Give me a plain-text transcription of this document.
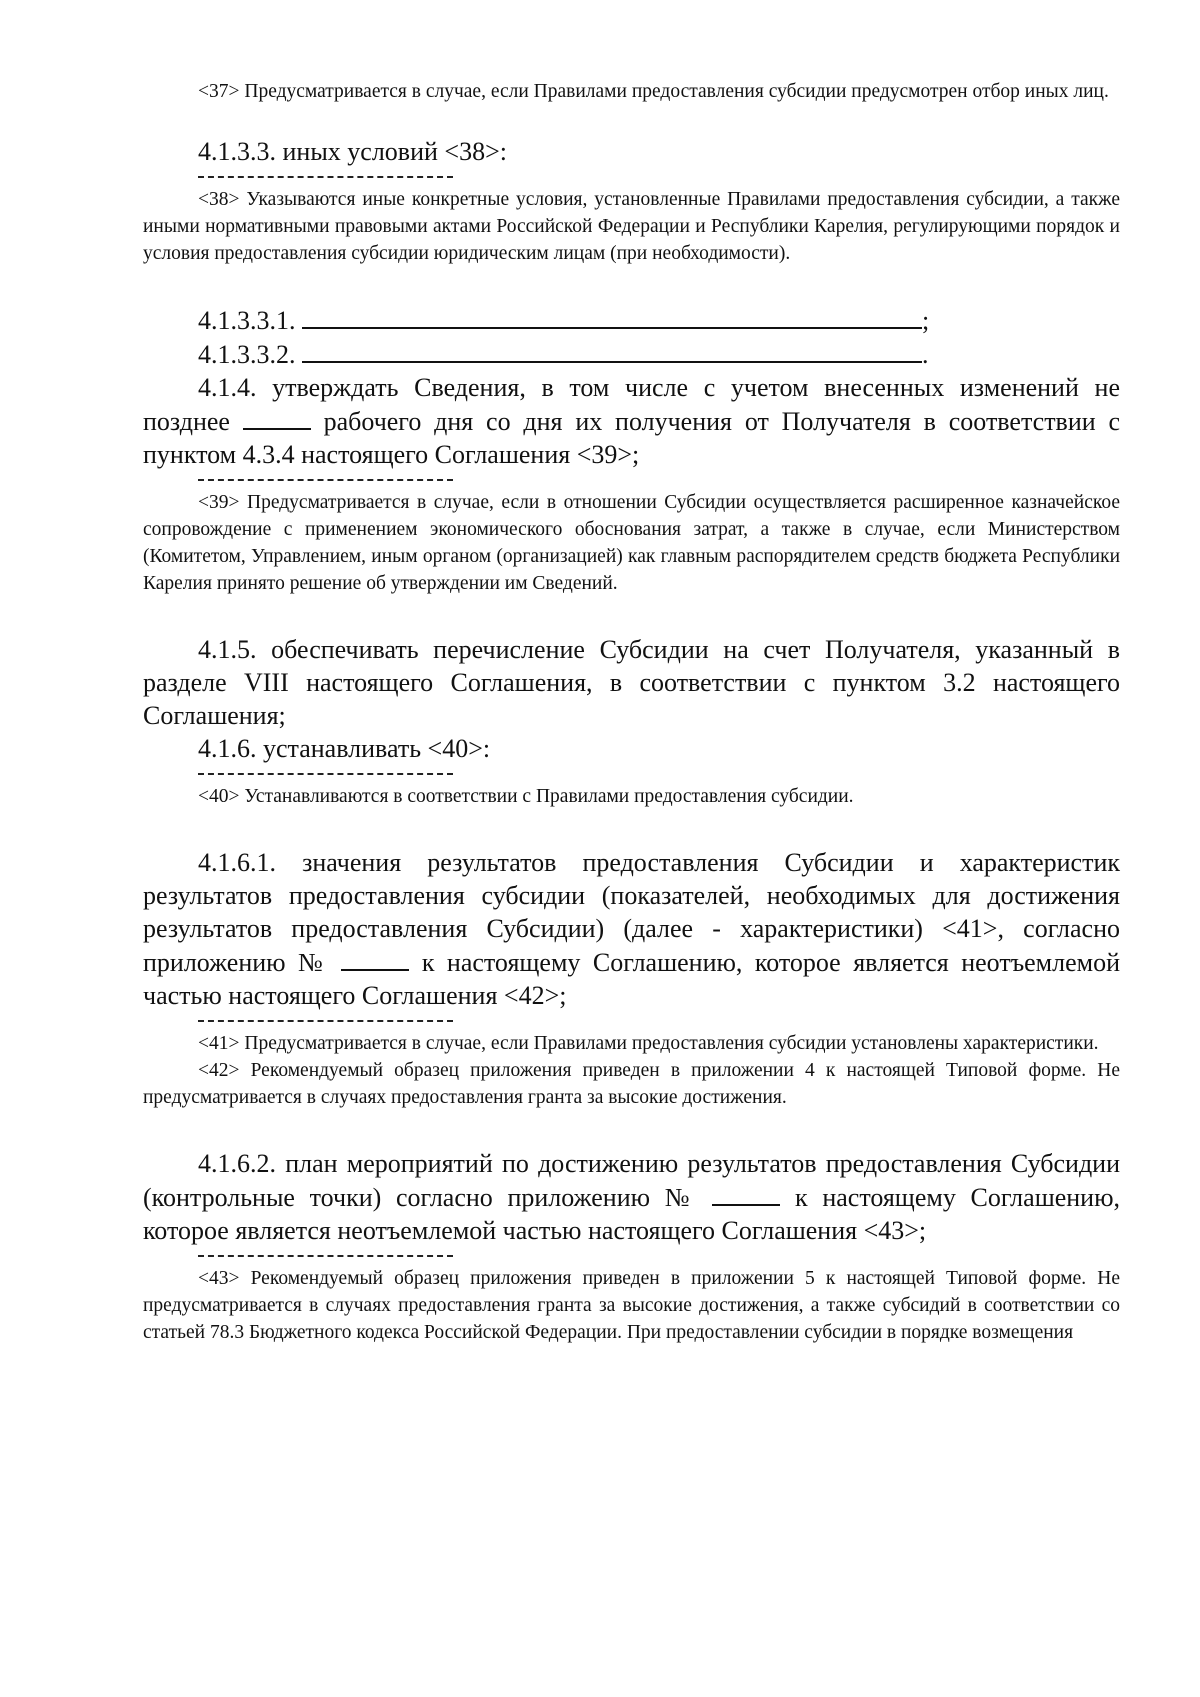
<37> Предусматривается в случае, если Правилами предоставления субсидии предусмотрен отбор иных лиц.

4.1.3.3. иных условий <38>:

<38> Указываются иные конкретные условия, установленные Правилами предоставления субсидии, а также иными нормативными правовыми актами Российской Федерации и Республики Карелия, регулирующими порядок и условия предоставления субсидии юридическим лицам (при необходимости).

4.1.3.3.1.	;
4.1.3.3.2.	.

4.1.4. утверждать Сведения, в том числе с учетом внесенных изменений не позднее	рабочего дня со дня их получения от Получателя в соответствии с пунктом 4.3.4 настоящего Соглашения <39>;

<39> Предусматривается в случае, если в отношении Субсидии осуществляется расширенное казначейское сопровождение с применением экономического обоснования затрат, а также в случае, если Министерством (Комитетом, Управлением, иным органом (организацией) как главным распорядителем средств бюджета Республики Карелия принято решение об утверждении им Сведений.

4.1.5. обеспечивать перечисление Субсидии на счет Получателя, указанный в разделе VIII настоящего Соглашения, в соответствии с пунктом 3.2 настоящего Соглашения;

4.1.6. устанавливать <40>:

<40> Устанавливаются в соответствии с Правилами предоставления субсидии.

4.1.6.1. значения результатов предоставления Субсидии и характеристик результатов предоставления субсидии (показателей, необходимых для достижения результатов предоставления Субсидии) (далее - характеристики) <41>, согласно приложению №	к настоящему Соглашению, которое является неотъемлемой частью настоящего Соглашения <42>;

<41> Предусматривается в случае, если Правилами предоставления субсидии установлены характеристики.

<42> Рекомендуемый образец приложения приведен в приложении 4 к настоящей Типовой форме. Не предусматривается в случаях предоставления гранта за высокие достижения.

4.1.6.2. план мероприятий по достижению результатов предоставления Субсидии (контрольные точки) согласно приложению №	к настоящему Соглашению, которое является неотъемлемой частью настоящего Соглашения <43>;

<43> Рекомендуемый образец приложения приведен в приложении 5 к настоящей Типовой форме. Не предусматривается в случаях предоставления гранта за высокие достижения, а также субсидий в соответствии со статьей 78.3 Бюджетного кодекса Российской Федерации. При предоставлении субсидии в порядке возмещения
